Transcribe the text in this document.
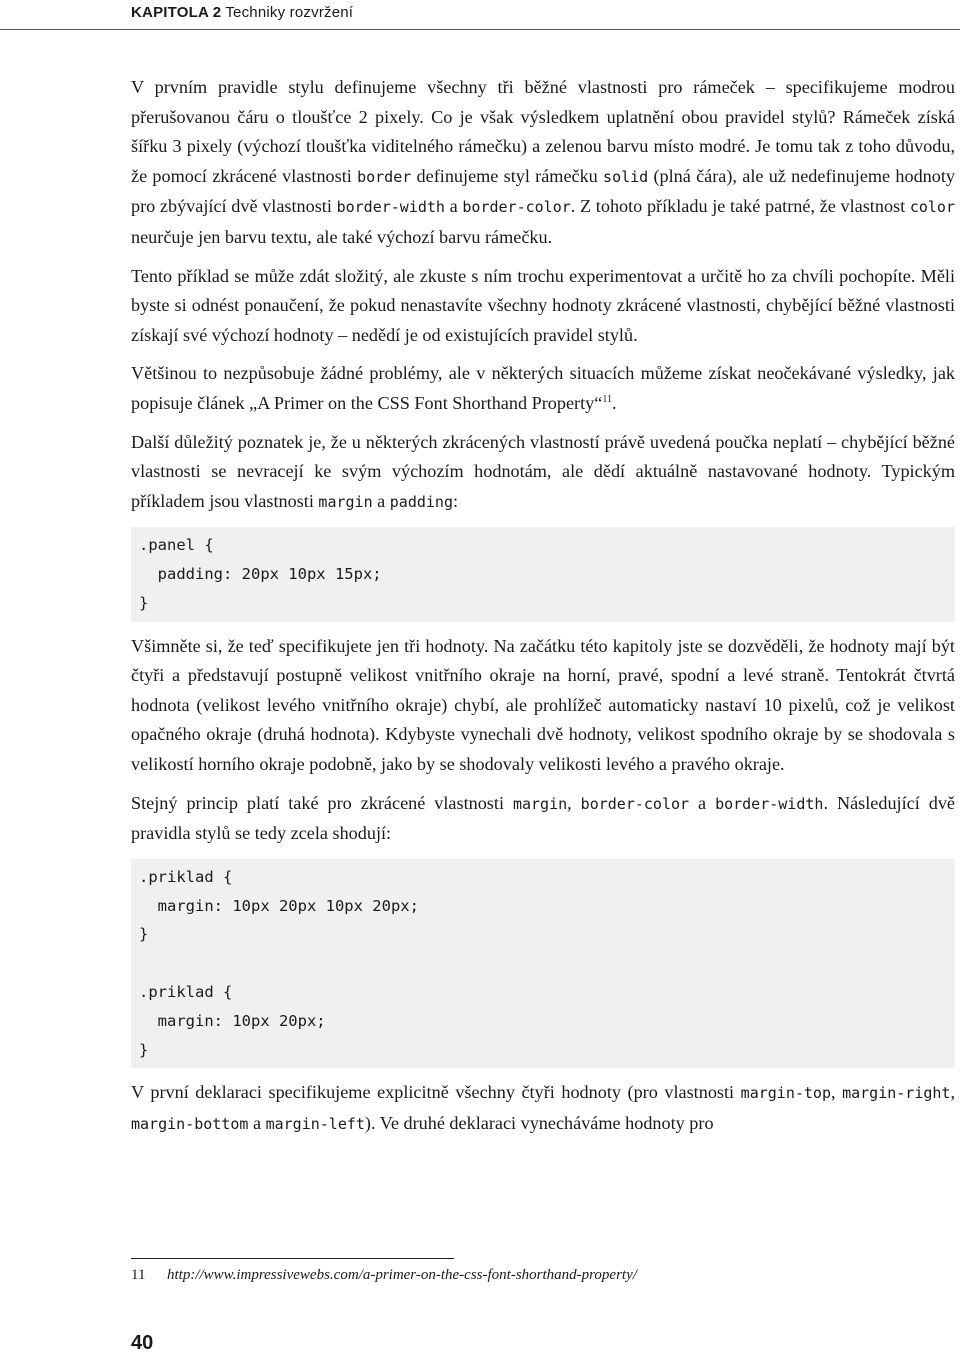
KAPITOLA 2 Techniky rozvržení

V prvním pravidle stylu definujeme všechny tři běžné vlastnosti pro rámeček – specifikujeme modrou přerušovanou čáru o tloušťce 2 pixely. Co je však výsledkem uplatnění obou pravidel stylů? Rámeček získá šířku 3 pixely (výchozí tloušťka viditelného rámečku) a zelenou barvu místo modré. Je tomu tak z toho důvodu, že pomocí zkrácené vlastnosti border definujeme styl rámečku solid (plná čára), ale už nedefinujeme hodnoty pro zbývající dvě vlastnosti border-width a border-color. Z tohoto příkladu je také patrné, že vlastnost color neurčuje jen barvu textu, ale také výchozí barvu rámečku.

Tento příklad se může zdát složitý, ale zkuste s ním trochu experimentovat a určitě ho za chvíli pochopíte. Měli byste si odnést ponaučení, že pokud nenastavíte všechny hodnoty zkrácené vlastnosti, chybějící běžné vlastnosti získají své výchozí hodnoty – nedědí je od existujících pravidel stylů.

Většinou to nezpůsobuje žádné problémy, ale v některých situacích můžeme získat neočekávané výsledky, jak popisuje článek „A Primer on the CSS Font Shorthand Property“$^{11}$.

Další důležitý poznatek je, že u některých zkrácených vlastností právě uvedená poučka neplatí – chybějící běžné vlastnosti se nevracejí ke svým výchozím hodnotám, ale dědí aktuálně nastavované hodnoty. Typickým příkladem jsou vlastnosti margin a padding:

.panel {
padding: 20px 10px 15px;
}

Všimněte si, že teď specifikujete jen tři hodnoty. Na začátku této kapitoly jste se dozvěděli, že hodnoty mají být čtyři a představují postupně velikost vnitřního okraje na horní, pravé, spodní a levé straně. Tentokrát čtvrtá hodnota (velikost levého vnitřního okraje) chybí, ale prohlížeč automaticky nastaví 10 pixelů, což je velikost opačného okraje (druhá hodnota). Kdybyste vynechali dvě hodnoty, velikost spodního okraje by se shodovala s velikostí horního okraje podobně, jako by se shodovaly velikosti levého a pravého okraje.

Stejný princip platí také pro zkrácené vlastnosti margin, border-color a border-width. Následující dvě pravidla stylů se tedy zcela shodují:

.priklad {
margin: 10px 20px 10px 20px;
}
.priklad {
margin: 10px 20px;
}

V první deklaraci specifikujeme explicitně všechny čtyři hodnoty (pro vlastnosti margin-top, margin-right, margin-bottom a margin-left). Ve druhé deklaraci vynecháváme hodnoty pro

11 http://www.impressivewebs.com/a-primer-on-the-css-font-shorthand-property/
40
